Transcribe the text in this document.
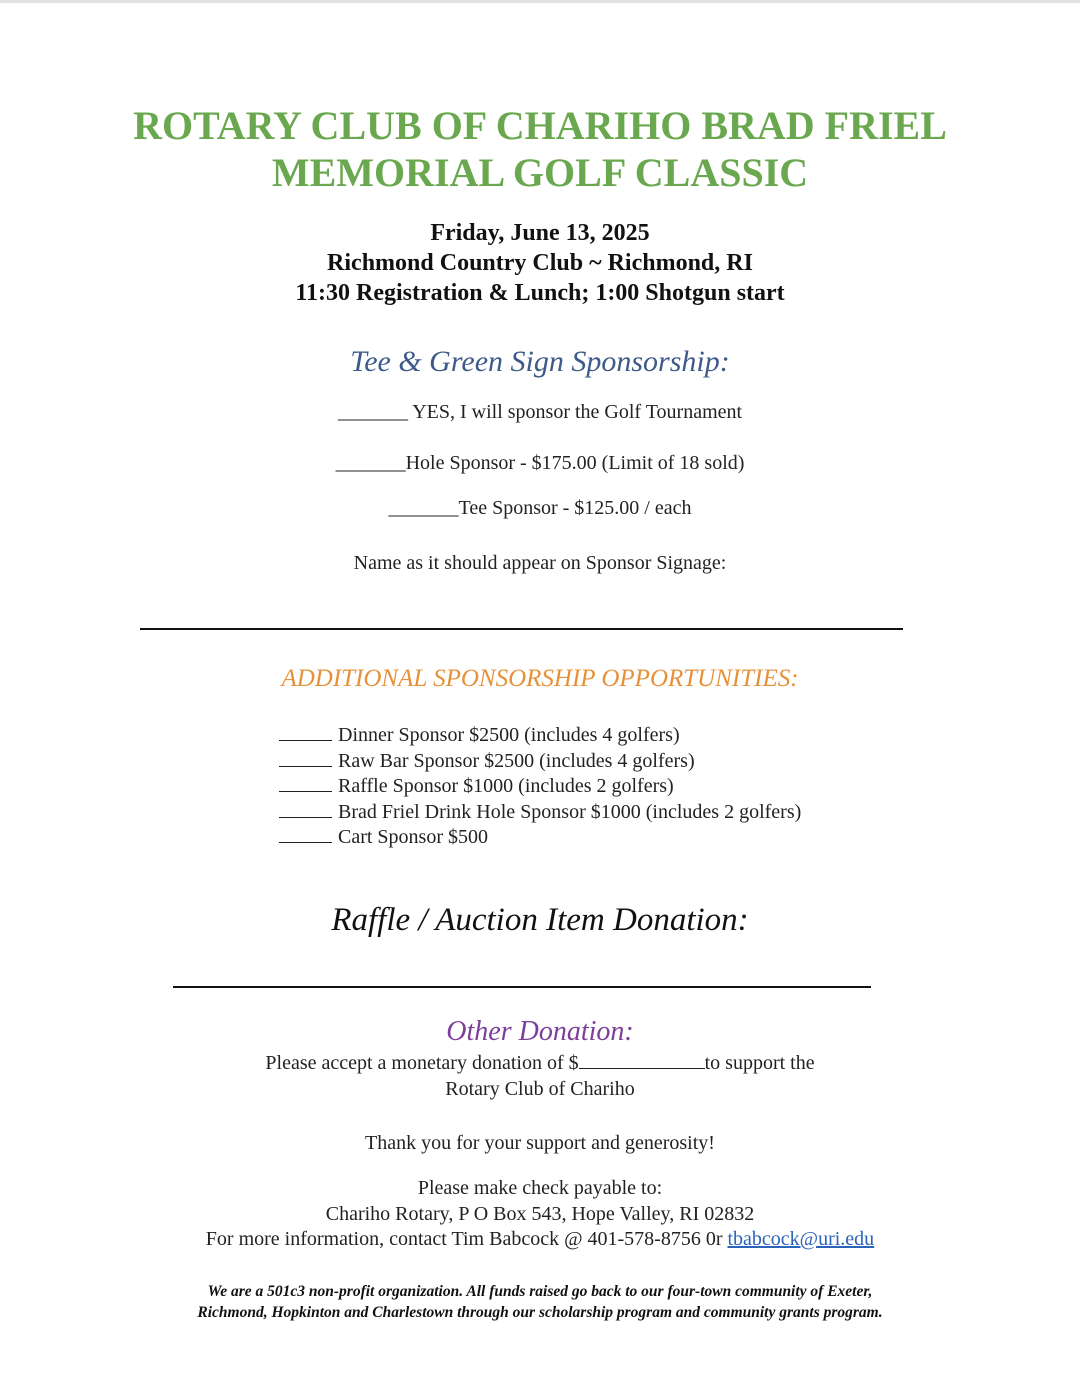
ROTARY CLUB OF CHARIHO BRAD FRIEL
MEMORIAL GOLF CLASSIC
Friday, June 13, 2025
Richmond Country Club ~ Richmond, RI
11:30 Registration & Lunch; 1:00 Shotgun start
Tee & Green Sign Sponsorship:
_______ YES, I will sponsor the Golf Tournament
_______Hole Sponsor - $175.00 (Limit of 18 sold)
_______Tee Sponsor - $125.00 / each
Name as it should appear on Sponsor Signage:
ADDITIONAL SPONSORSHIP OPPORTUNITIES:
Dinner Sponsor $2500 (includes 4 golfers)
Raw Bar Sponsor $2500 (includes 4 golfers)
Raffle Sponsor $1000 (includes 2 golfers)
Brad Friel Drink Hole Sponsor $1000 (includes 2 golfers)
Cart Sponsor $500
Raffle / Auction Item Donation:
Other Donation:
Please accept a monetary donation of $	to support the
Rotary Club of Chariho
Thank you for your support and generosity!
Please make check payable to:
Chariho Rotary, P O Box 543, Hope Valley, RI 02832
For more information, contact Tim Babcock @ 401-578-8756 0r tbabcock@uri.edu
We are a 501c3 non-profit organization. All funds raised go back to our four-town community of Exeter,
Richmond, Hopkinton and Charlestown through our scholarship program and community grants program.
